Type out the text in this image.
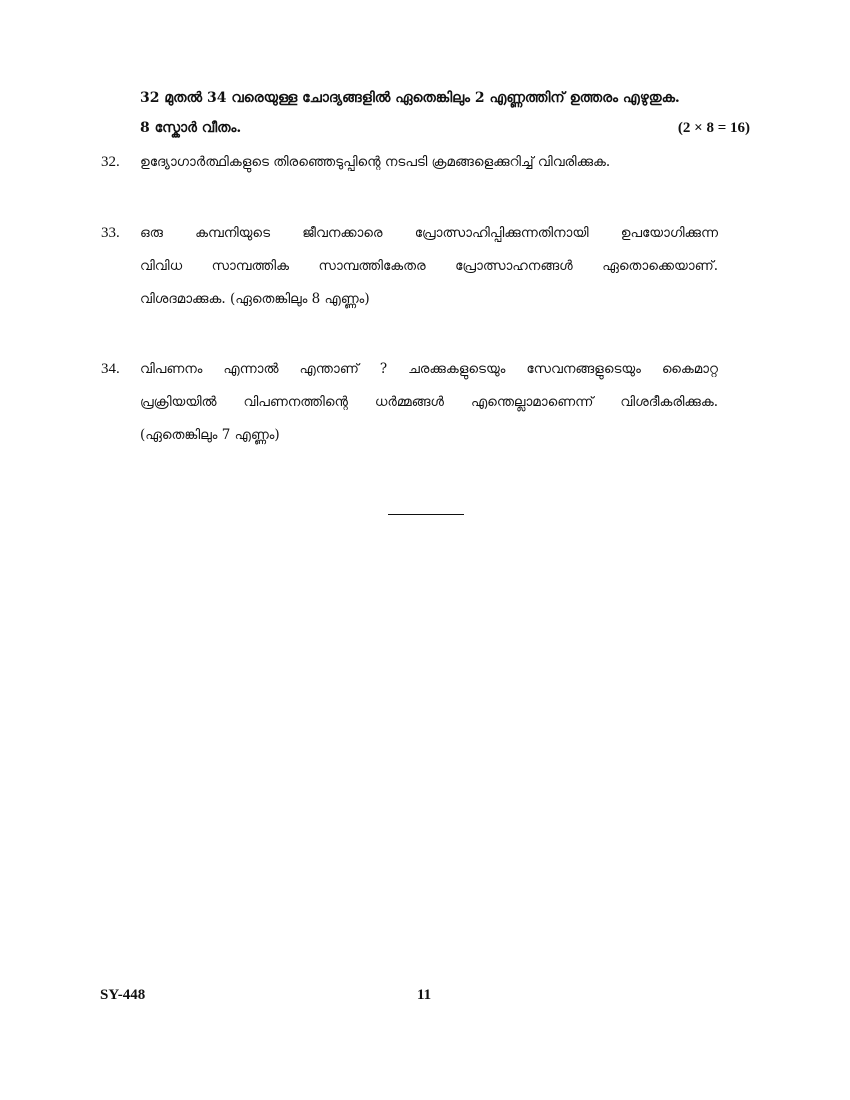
32 മുതൽ 34 വരെയുള്ള ചോദ്യങ്ങളിൽ ഏതെങ്കിലും 2 എണ്ണത്തിന് ഉത്തരം എഴുതുക.
8 സ്കോർ വീതം.	(2 × 8 = 16)
32. ഉദ്യോഗാർത്ഥികളുടെ തിരഞ്ഞെടുപ്പിന്റെ നടപടി ക്രമങ്ങളെക്കുറിച്ച് വിവരിക്കുക.
33. ഒരു കമ്പനിയുടെ ജീവനക്കാരെ പ്രോത്സാഹിപ്പിക്കുന്നതിനായി ഉപയോഗിക്കുന്ന
വിവിധ സാമ്പത്തിക സാമ്പത്തികേതര പ്രോത്സാഹനങ്ങൾ ഏതൊക്കെയാണ്.
വിശദമാക്കുക. (ഏതെങ്കിലും 8 എണ്ണം)
34. വിപണനം എന്നാൽ എന്താണ് ? ചരക്കുകളുടെയും സേവനങ്ങളുടെയും കൈമാറ്റ
പ്രക്രിയയിൽ വിപണനത്തിന്റെ ധർമ്മങ്ങൾ എന്തെല്ലാമാണെന്ന് വിശദീകരിക്കുക.
(ഏതെങ്കിലും 7 എണ്ണം)
SY-448	11
